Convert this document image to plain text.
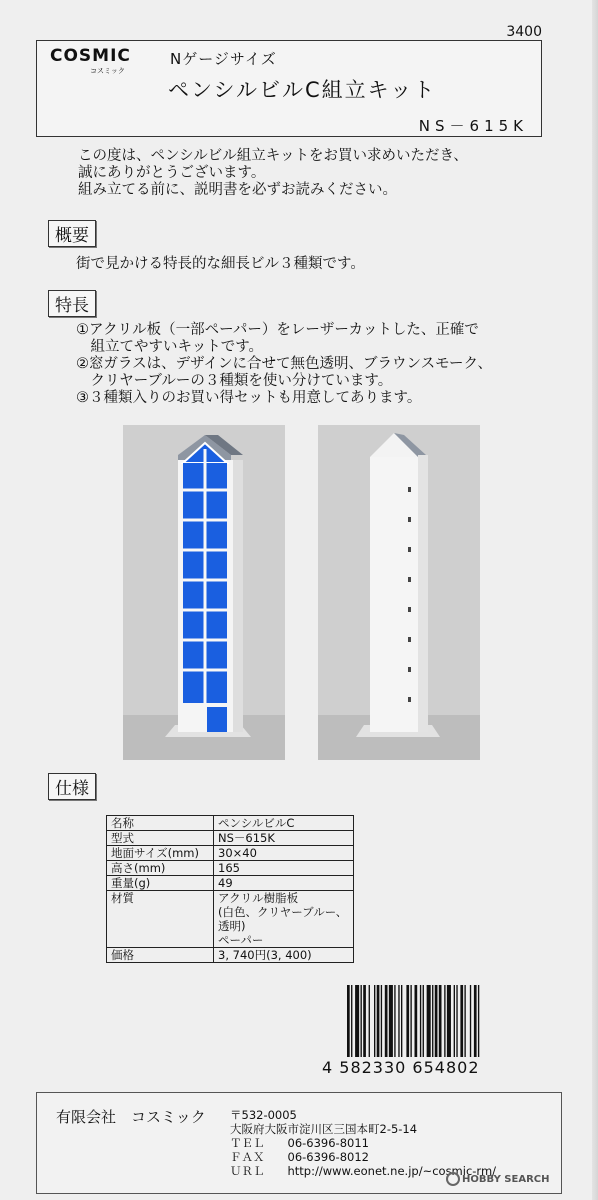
3400
COSMIC
コスミック
Nゲージサイズ
ペンシルビルC組立キット
NS－615K
この度は、ペンシルビル組立キットをお買い求めいただき、
誠にありがとうございます。
組み立てる前に、説明書を必ずお読みください。
概要
街で見かける特長的な細長ビル３種類です。
特長
①アクリル板（一部ペーパー）をレーザーカットした、正確で
　組立てやすいキットです。
②窓ガラスは、デザインに合せて無色透明、ブラウンスモーク、
　クリヤーブルーの３種類を使い分けています。
③３種類入りのお買い得セットも用意してあります。
仕様
名称	ペンシルビルC
型式	NS－615K
地面サイズ(mm)	30×40
高さ(mm)	165
重量(g)	49
材質	アクリル樹脂板
(白色、クリヤーブルー、透明)
ペーパー

価格	3, 740円(3, 400)
4 582330 654802
有限会社　コスミック 〒532-0005
大阪府大阪市淀川区三国本町2-5-14
ＴＥＬ　　06-6396-8011
ＦＡＸ　　06-6396-8012
ＵＲＬ　　http://www.eonet.ne.jp/~cosmic-rm/
HOBBY SEARCH
